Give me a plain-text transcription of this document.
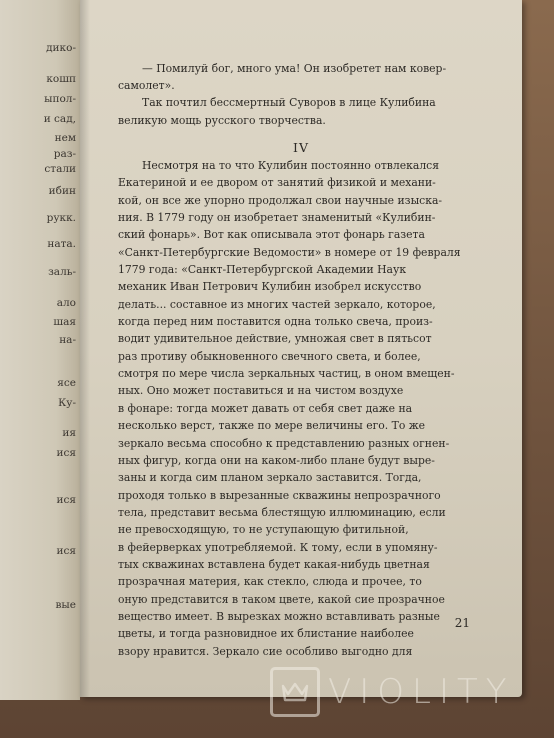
дико-
кошп
ыпол-
и сад,
нем
раз-
стали
ибин
рукк.
ната.
заль-
ало
шая
на-
ясе
Ку-
ия
ися
ися
ися
вые
— Помилуй бог, много ума! Он изобретет нам ковер-
самолет».
Так почтил бессмертный Суворов в лице Кулибина
великую мощь русского творчества.
IV
Несмотря на то что Кулибин постоянно отвлекался
Екатериной и ее двором от занятий физикой и механи-
кой, он все же упорно продолжал свои научные изыска-
ния. В 1779 году он изобретает знаменитый «Кулибин-
ский фонарь». Вот как описывала этот фонарь газета
«Санкт-Петербургские Ведомости» в номере от 19 февраля
1779 года: «Санкт-Петербургской Академии Наук
механик Иван Петрович Кулибин изобрел искусство
делать... составное из многих частей зеркало, которое,
когда перед ним поставится одна только свеча, произ-
водит удивительное действие, умножая свет в пятьсот
раз противу обыкновенного свечного света, и более,
смотря по мере числа зеркальных частиц, в оном вмещен-
ных. Оно может поставиться и на чистом воздухе
в фонаре: тогда может давать от себя свет даже на
несколько верст, также по мере величины его. То же
зеркало весьма способно к представлению разных огнен-
ных фигур, когда они на каком-либо плане будут выре-
заны и когда сим планом зеркало заставится. Тогда,
проходя только в вырезанные скважины непрозрачного
тела, представит весьма блестящую иллюминацию, если
не превосходящую, то не уступающую фитильной,
в фейерверках употребляемой. К тому, если в упомяну-
тых скважинах вставлена будет какая-нибудь цветная
прозрачная материя, как стекло, слюда и прочее, то
оную представится в таком цвете, какой сие прозрачное
вещество имеет. В вырезках можно вставливать разные
цветы, и тогда разновидное их блистание наиболее
взору нравится. Зеркало сие особливо выгодно для
21
VIOLITY
